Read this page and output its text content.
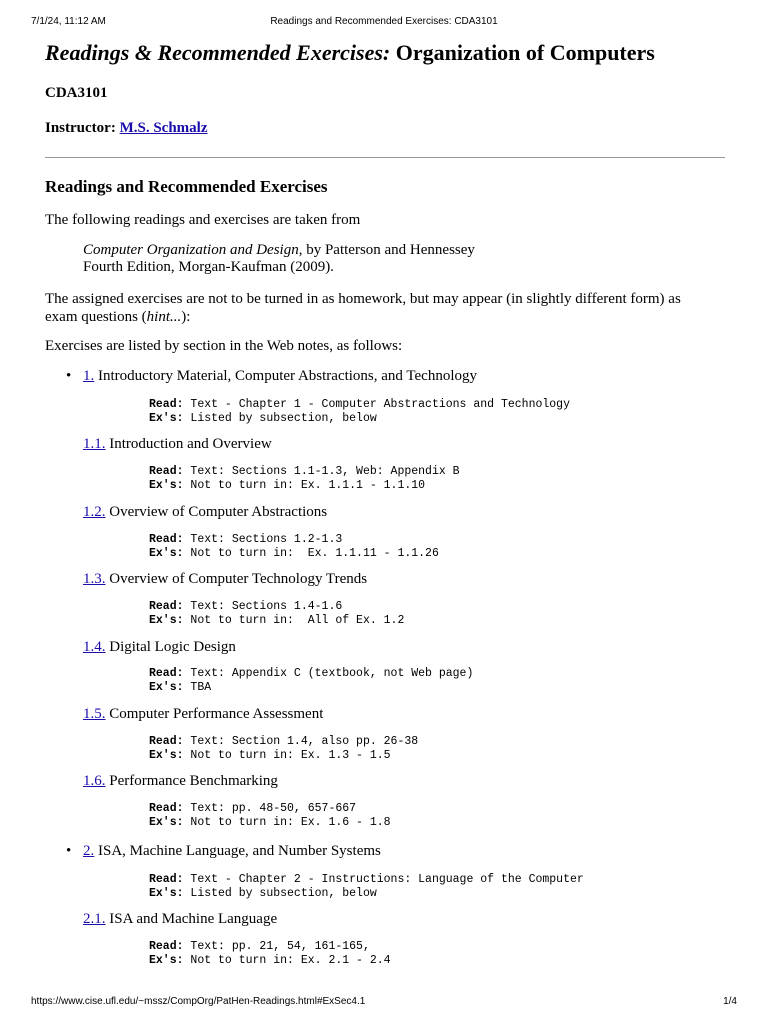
7/1/24, 11:12 AM	Readings and Recommended Exercises: CDA3101
Readings & Recommended Exercises: Organization of Computers

CDA3101

Instructor: M.S. Schmalz

Readings and Recommended Exercises

The following readings and exercises are taken from

Computer Organization and Design, by Patterson and Hennessey
Fourth Edition, Morgan-Kaufman (2009).

The assigned exercises are not to be turned in as homework, but may appear (in slightly different form) as
exam questions (hint...):

Exercises are listed by section in the Web notes, as follows:

• 1. Introductory Material, Computer Abstractions, and Technology
Read: Text - Chapter 1 - Computer Abstractions and Technology
Ex's: Listed by subsection, below
1.1. Introduction and Overview
Read: Text: Sections 1.1-1.3, Web: Appendix B
Ex's: Not to turn in: Ex. 1.1.1 - 1.1.10
1.2. Overview of Computer Abstractions
Read: Text: Sections 1.2-1.3
Ex's: Not to turn in:  Ex. 1.1.11 - 1.1.26
1.3. Overview of Computer Technology Trends
Read: Text: Sections 1.4-1.6
Ex's: Not to turn in:  All of Ex. 1.2
1.4. Digital Logic Design
Read: Text: Appendix C (textbook, not Web page)
Ex's: TBA
1.5. Computer Performance Assessment
Read: Text: Section 1.4, also pp. 26-38
Ex's: Not to turn in: Ex. 1.3 - 1.5
1.6. Performance Benchmarking
Read: Text: pp. 48-50, 657-667
Ex's: Not to turn in: Ex. 1.6 - 1.8
• 2. ISA, Machine Language, and Number Systems
Read: Text - Chapter 2 - Instructions: Language of the Computer
Ex's: Listed by subsection, below
2.1. ISA and Machine Language
Read: Text: pp. 21, 54, 161-165,
Ex's: Not to turn in: Ex. 2.1 - 2.4
https://www.cise.ufl.edu/~mssz/CompOrg/PatHen-Readings.html#ExSec4.1	1/4
